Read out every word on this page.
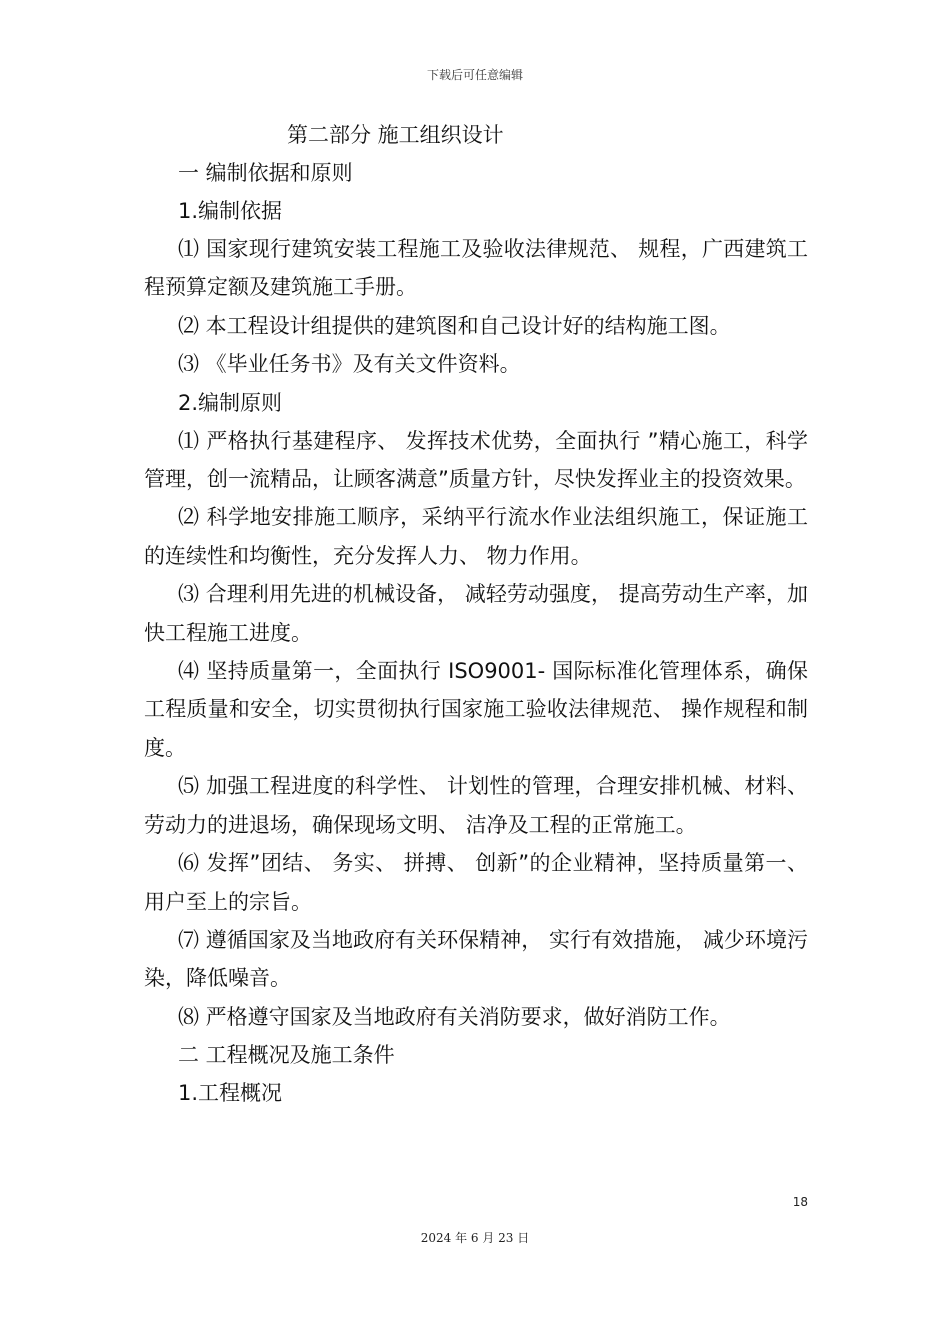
下载后可任意编辑
第二部分 施工组织设计
一 编制依据和原则
1.编制依据

⑴ 国家现行建筑安装工程施工及验收法律规范、 规程，广西建筑工程预算定额及建筑施工手册。

⑵ 本工程设计组提供的建筑图和自己设计好的结构施工图。

⑶ 《毕业任务书》及有关文件资料。

2.编制原则

⑴ 严格执行基建程序、 发挥技术优势，全面执行 ”精心施工，科学管理，创一流精品，让顾客满意”质量方针，尽快发挥业主的投资效果。

⑵ 科学地安排施工顺序，采纳平行流水作业法组织施工，保证施工的连续性和均衡性，充分发挥人力、 物力作用。

⑶ 合理利用先进的机械设备， 减轻劳动强度， 提高劳动生产率，加快工程施工进度。

⑷ 坚持质量第一，全面执行 ISO9001- 国际标准化管理体系，确保工程质量和安全，切实贯彻执行国家施工验收法律规范、 操作规程和制度。

⑸ 加强工程进度的科学性、 计划性的管理，合理安排机械、材料、 劳动力的进退场，确保现场文明、 洁净及工程的正常施工。

⑹ 发挥”团结、 务实、 拼搏、 创新”的企业精神，坚持质量第一、 用户至上的宗旨。

⑺ 遵循国家及当地政府有关环保精神， 实行有效措施， 减少环境污染，降低噪音。

⑻ 严格遵守国家及当地政府有关消防要求，做好消防工作。

二 工程概况及施工条件
1.工程概况
18
2024 年 6 月 23 日
